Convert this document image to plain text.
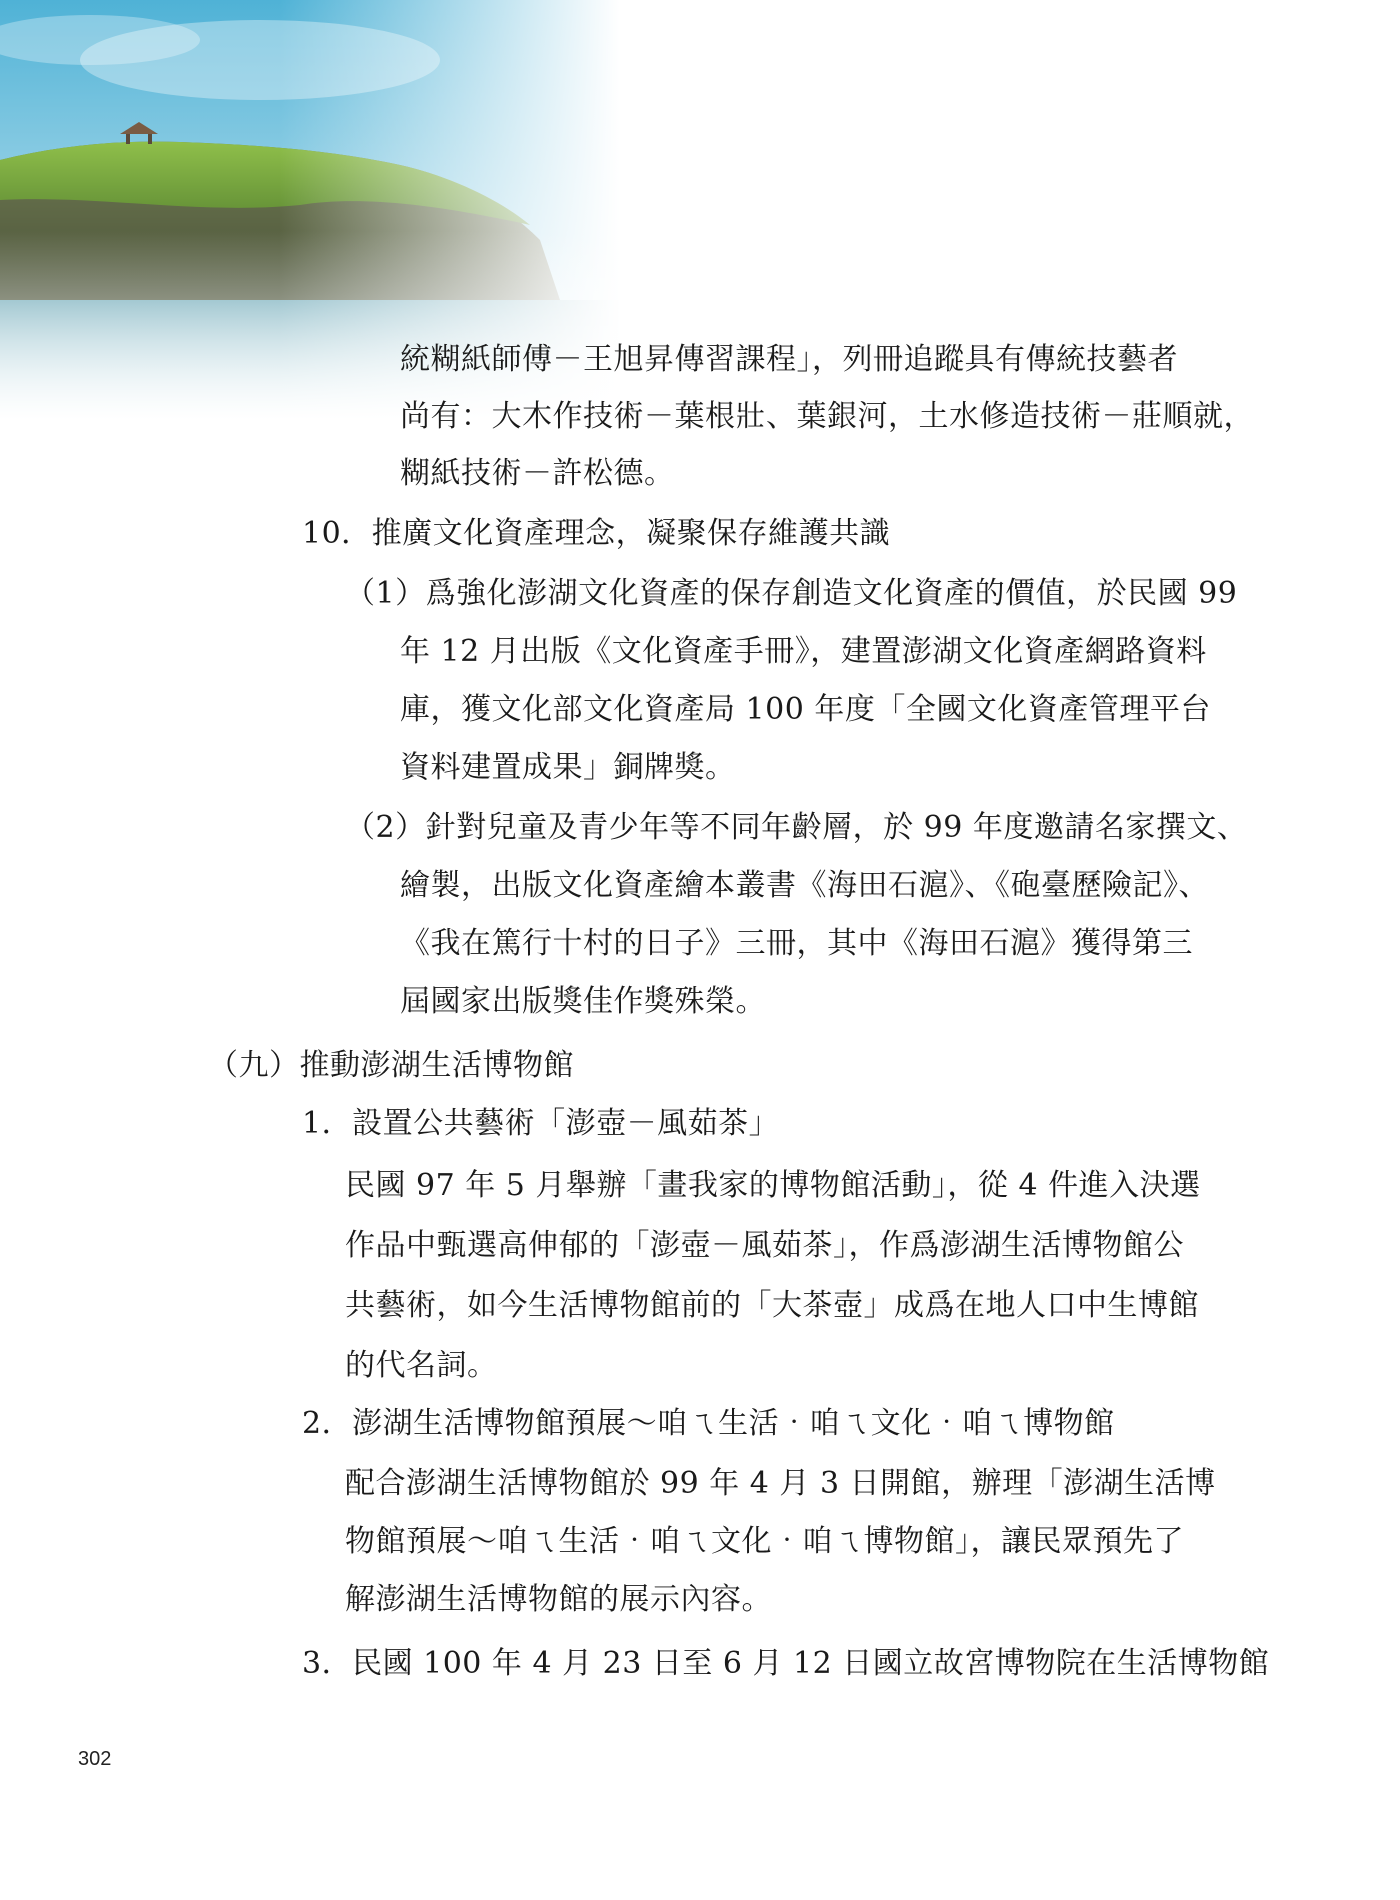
統糊紙師傅－王旭昇傳習課程」，列冊追蹤具有傳統技藝者
尚有：大木作技術－葉根壯、葉銀河，土水修造技術－莊順就，
糊紙技術－許松德。
10．推廣文化資產理念，凝聚保存維護共識
（1）爲強化澎湖文化資產的保存創造文化資產的價值，於民國 99
年 12 月出版《文化資產手冊》，建置澎湖文化資產網路資料
庫，獲文化部文化資產局 100 年度「全國文化資產管理平台
資料建置成果」銅牌獎。
（2）針對兒童及青少年等不同年齡層，於 99 年度邀請名家撰文、
繪製，出版文化資產繪本叢書《海田石滬》、《砲臺歷險記》、
《我在篤行十村的日子》三冊，其中《海田石滬》獲得第三
屆國家出版獎佳作獎殊榮。
（九）推動澎湖生活博物館
1．設置公共藝術「澎壺－風茹茶」
民國 97 年 5 月舉辦「畫我家的博物館活動」，從 4 件進入決選
作品中甄選高伸郁的「澎壺－風茹茶」，作爲澎湖生活博物館公
共藝術，如今生活博物館前的「大茶壺」成爲在地人口中生博館
的代名詞。
2．澎湖生活博物館預展～咱ㄟ生活‧咱ㄟ文化‧咱ㄟ博物館
配合澎湖生活博物館於 99 年 4 月 3 日開館，辦理「澎湖生活博
物館預展～咱ㄟ生活‧咱ㄟ文化‧咱ㄟ博物館」，讓民眾預先了
解澎湖生活博物館的展示內容。
3．民國 100 年 4 月 23 日至 6 月 12 日國立故宮博物院在生活博物館
302
